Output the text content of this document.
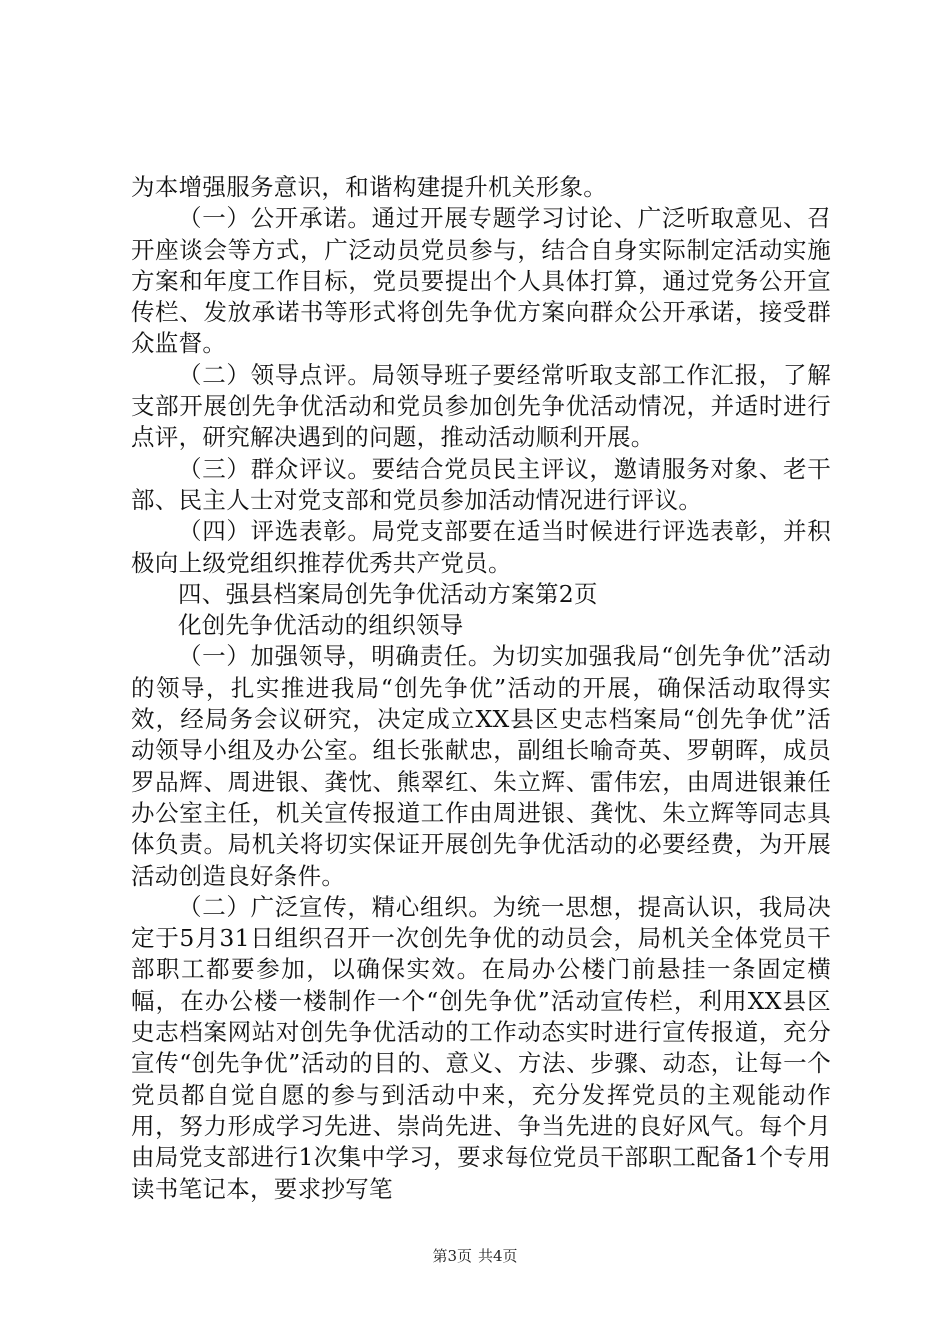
为本增强服务意识，和谐构建提升机关形象。

（一）公开承诺。通过开展专题学习讨论、广泛听取意见、召开座谈会等方式，广泛动员党员参与，结合自身实际制定活动实施方案和年度工作目标，党员要提出个人具体打算，通过党务公开宣传栏、发放承诺书等形式将创先争优方案向群众公开承诺，接受群众监督。

（二）领导点评。局领导班子要经常听取支部工作汇报，了解支部开展创先争优活动和党员参加创先争优活动情况，并适时进行点评，研究解决遇到的问题，推动活动顺利开展。

（三）群众评议。要结合党员民主评议，邀请服务对象、老干部、民主人士对党支部和党员参加活动情况进行评议。

（四）评选表彰。局党支部要在适当时候进行评选表彰，并积极向上级党组织推荐优秀共产党员。

四、强县档案局创先争优活动方案第2页

化创先争优活动的组织领导

（一）加强领导，明确责任。为切实加强我局“创先争优”活动的领导，扎实推进我局“创先争优”活动的开展，确保活动取得实效，经局务会议研究，决定成立XX县区史志档案局“创先争优”活动领导小组及办公室。组长张献忠，副组长喻奇英、罗朝晖，成员罗品辉、周进银、龚忱、熊翠红、朱立辉、雷伟宏，由周进银兼任办公室主任，机关宣传报道工作由周进银、龚忱、朱立辉等同志具体负责。局机关将切实保证开展创先争优活动的必要经费，为开展活动创造良好条件。

（二）广泛宣传，精心组织。为统一思想，提高认识，我局决定于5月31日组织召开一次创先争优的动员会，局机关全体党员干部职工都要参加，以确保实效。在局办公楼门前悬挂一条固定横幅，在办公楼一楼制作一个“创先争优”活动宣传栏，利用XX县区史志档案网站对创先争优活动的工作动态实时进行宣传报道，充分宣传“创先争优”活动的目的、意义、方法、步骤、动态，让每一个党员都自觉自愿的参与到活动中来，充分发挥党员的主观能动作用，努力形成学习先进、崇尚先进、争当先进的良好风气。每个月由局党支部进行1次集中学习，要求每位党员干部职工配备1个专用读书笔记本，要求抄写笔

第3页 共4页
